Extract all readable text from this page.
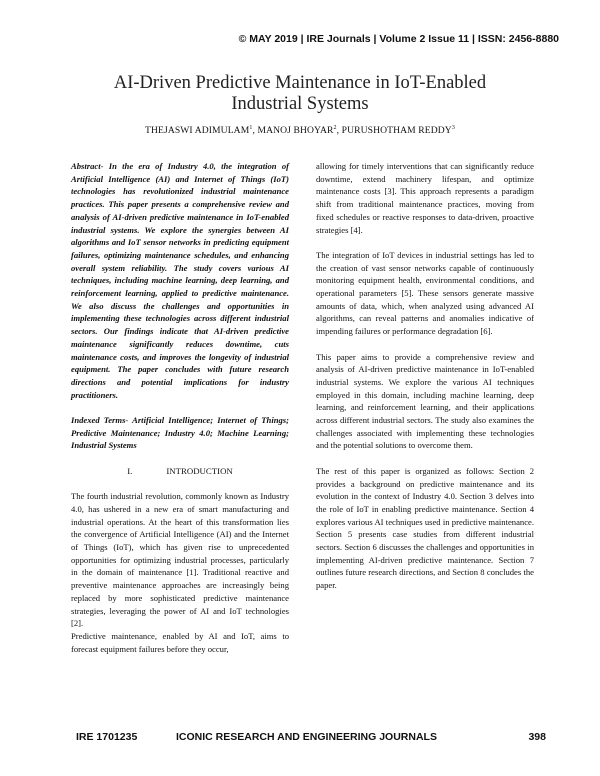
© MAY 2019 | IRE Journals | Volume 2 Issue 11 | ISSN: 2456-8880
AI-Driven Predictive Maintenance in IoT-Enabled
Industrial Systems
THEJASWI ADIMULAM$^1$, MANOJ BHOYAR$^2$, PURUSHOTHAM REDDY$^3$

Abstract- In the era of Industry 4.0, the integration of Artificial Intelligence (AI) and Internet of Things (IoT) technologies has revolutionized industrial maintenance practices. This paper presents a comprehensive review and analysis of AI-driven predictive maintenance in IoT-enabled industrial systems. We explore the synergies between AI algorithms and IoT sensor networks in predicting equipment failures, optimizing maintenance schedules, and enhancing overall system reliability. The study covers various AI techniques, including machine learning, deep learning, and reinforcement learning, applied to predictive maintenance. We also discuss the challenges and opportunities in implementing these technologies across different industrial sectors. Our findings indicate that AI-driven predictive maintenance significantly reduces downtime, cuts maintenance costs, and improves the longevity of industrial equipment. The paper concludes with future research directions and potential implications for industry practitioners.

Indexed Terms- Artificial Intelligence; Internet of Things; Predictive Maintenance; Industry 4.0; Machine Learning; Industrial Systems

I.	INTRODUCTION

The fourth industrial revolution, commonly known as Industry 4.0, has ushered in a new era of smart manufacturing and industrial operations. At the heart of this transformation lies the convergence of Artificial Intelligence (AI) and the Internet of Things (IoT), which has given rise to unprecedented opportunities for optimizing industrial processes, particularly in the domain of maintenance [1]. Traditional reactive and preventive maintenance approaches are increasingly being replaced by more sophisticated predictive maintenance strategies, leveraging the power of AI and IoT technologies [2].

Predictive maintenance, enabled by AI and IoT, aims to forecast equipment failures before they occur,

allowing for timely interventions that can significantly reduce downtime, extend machinery lifespan, and optimize maintenance costs [3]. This approach represents a paradigm shift from traditional maintenance practices, moving from fixed schedules or reactive responses to data-driven, proactive strategies [4].

The integration of IoT devices in industrial settings has led to the creation of vast sensor networks capable of continuously monitoring equipment health, environmental conditions, and operational parameters [5]. These sensors generate massive amounts of data, which, when analyzed using advanced AI algorithms, can reveal patterns and anomalies indicative of impending failures or performance degradation [6].

This paper aims to provide a comprehensive review and analysis of AI-driven predictive maintenance in IoT-enabled industrial systems. We explore the various AI techniques employed in this domain, including machine learning, deep learning, and reinforcement learning, and their applications across different industrial sectors. The study also examines the challenges associated with implementing these technologies and the potential solutions to overcome them.

The rest of this paper is organized as follows: Section 2 provides a background on predictive maintenance and its evolution in the context of Industry 4.0. Section 3 delves into the role of IoT in enabling predictive maintenance. Section 4 explores various AI techniques used in predictive maintenance. Section 5 presents case studies from different industrial sectors. Section 6 discusses the challenges and opportunities in implementing AI-driven predictive maintenance. Section 7 outlines future research directions, and Section 8 concludes the paper.

IRE 1701235	ICONIC RESEARCH AND ENGINEERING JOURNALS	398
